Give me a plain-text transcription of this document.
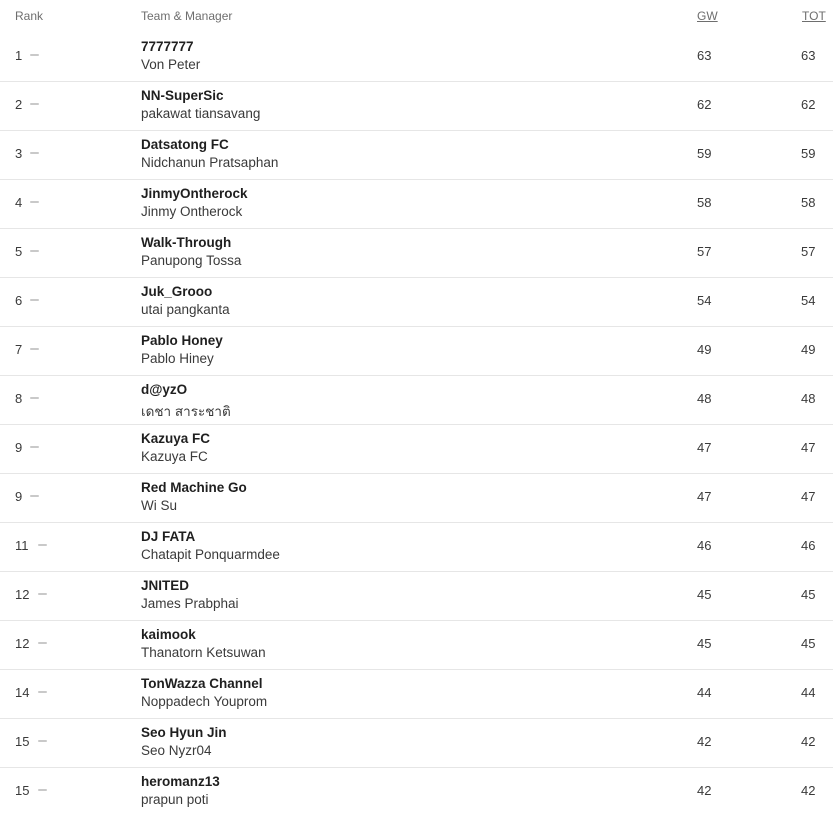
Rank	Team & Manager	GW	TOT
1
7777777
Von Peter
63	63
2
NN-SuperSic
pakawat tiansavang
62	62
3
Datsatong FC
Nidchanun Pratsaphan
59	59
4
JinmyOntherock
Jinmy Ontherock
58	58
5
Walk-Through
Panupong Tossa
57	57
6
Juk_Grooo
utai pangkanta
54	54
7
Pablo Honey
Pablo Hiney
49	49
8
d@yzO
เดชา สาระชาติ
48	48
9
Kazuya FC
Kazuya FC
47	47
9
Red Machine Go
Wi Su
47	47
11
DJ FATA
Chatapit Ponquarmdee
46	46
12
JNITED
James Prabphai
45	45
12
kaimook
Thanatorn Ketsuwan
45	45
14
TonWazza Channel
Noppadech Youprom
44	44
15
Seo Hyun Jin
Seo Nyzr04
42	42
15
heromanz13
prapun poti
42	42
